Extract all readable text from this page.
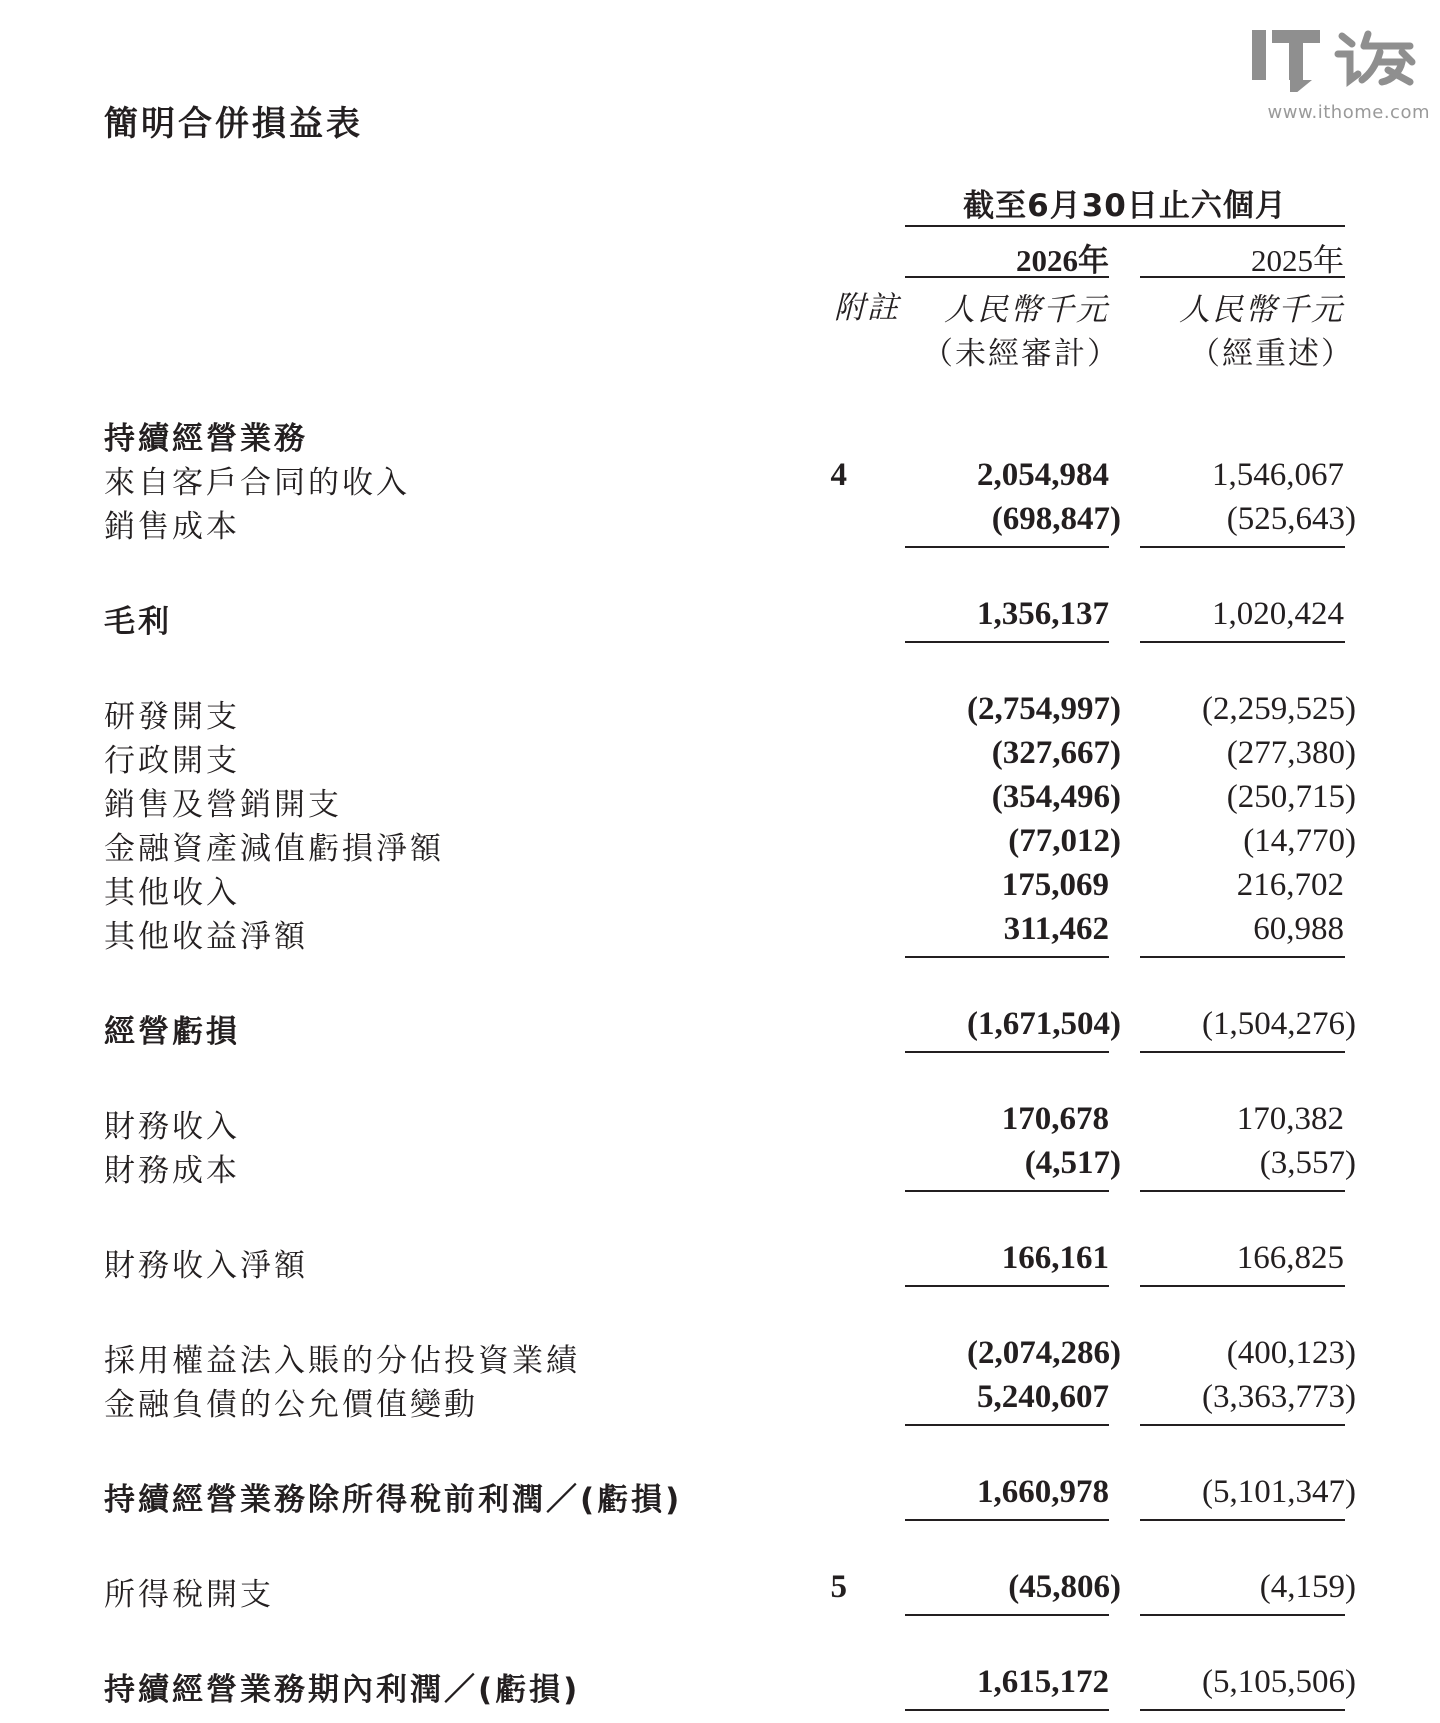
簡明合併損益表	www.ithome.com
截至6月30日止六個月
2026年	2025年
附註 人民幣千元 人民幣千元
（未經審計） （經重述）
持續經營業務
來自客戶合同的收入	4	2,054,984	1,546,067
銷售成本	(698,847)	(525,643)
毛利	1,356,137	1,020,424
研發開支	(2,754,997) (2,259,525)
行政開支	(327,667)	(277,380)
銷售及營銷開支	(354,496)	(250,715)
金融資產減值虧損淨額	(77,012)	(14,770)
其他收入	175,069	216,702
其他收益淨額	311,462	60,988
經營虧損	(1,671,504) (1,504,276)
財務收入	170,678	170,382
財務成本	(4,517)	(3,557)
財務收入淨額	166,161	166,825
採用權益法入賬的分佔投資業績	(2,074,286)	(400,123)
金融負債的公允價值變動	5,240,607	(3,363,773)
持續經營業務除所得稅前利潤／(虧損)	1,660,978	(5,101,347)
所得稅開支	5	(45,806)	(4,159)
持續經營業務期內利潤／(虧損)	1,615,172	(5,105,506)
